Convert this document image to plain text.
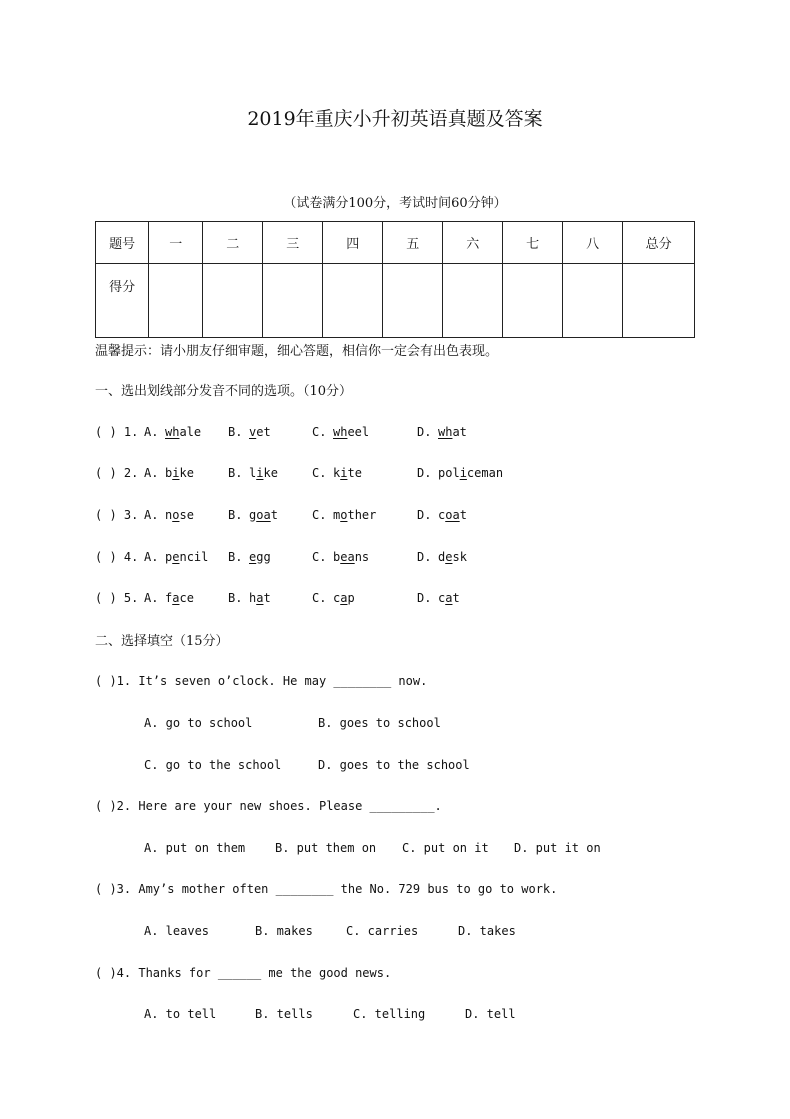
2019年重庆小升初英语真题及答案
（试卷满分100分，考试时间60分钟）
题号	一	二	三	四	五	六	七	八	总分
得分									
温馨提示：请小朋友仔细审题，细心答题，相信你一定会有出色表现。
一、选出划线部分发音不同的选项。（10分）
( ) 1. A. whale B. vet	C. wheel	D. what
( ) 2. A. bike	B. like	C. kite	D. policeman
( ) 3. A. nose	B. goat	C. mother	D. coat
( ) 4. A. pencil B. egg	C. beans	D. desk
( ) 5. A. face	B. hat	C. cap	D. cat
二、选择填空（15分）
( )1. It’s seven o’clock. He may ________ now.
A. go to school	B. goes to school
C. go to the school	D. goes to the school
( )2. Here are your new shoes. Please _________.
A. put on them B. put them on C. put on it D. put it on
( )3. Amy’s mother often ________ the No. 729 bus to go to work.
A. leaves	B. makes	C. carries	D. takes
( )4. Thanks for ______ me the good news.
A. to tell	B. tells	C. telling	D. tell
